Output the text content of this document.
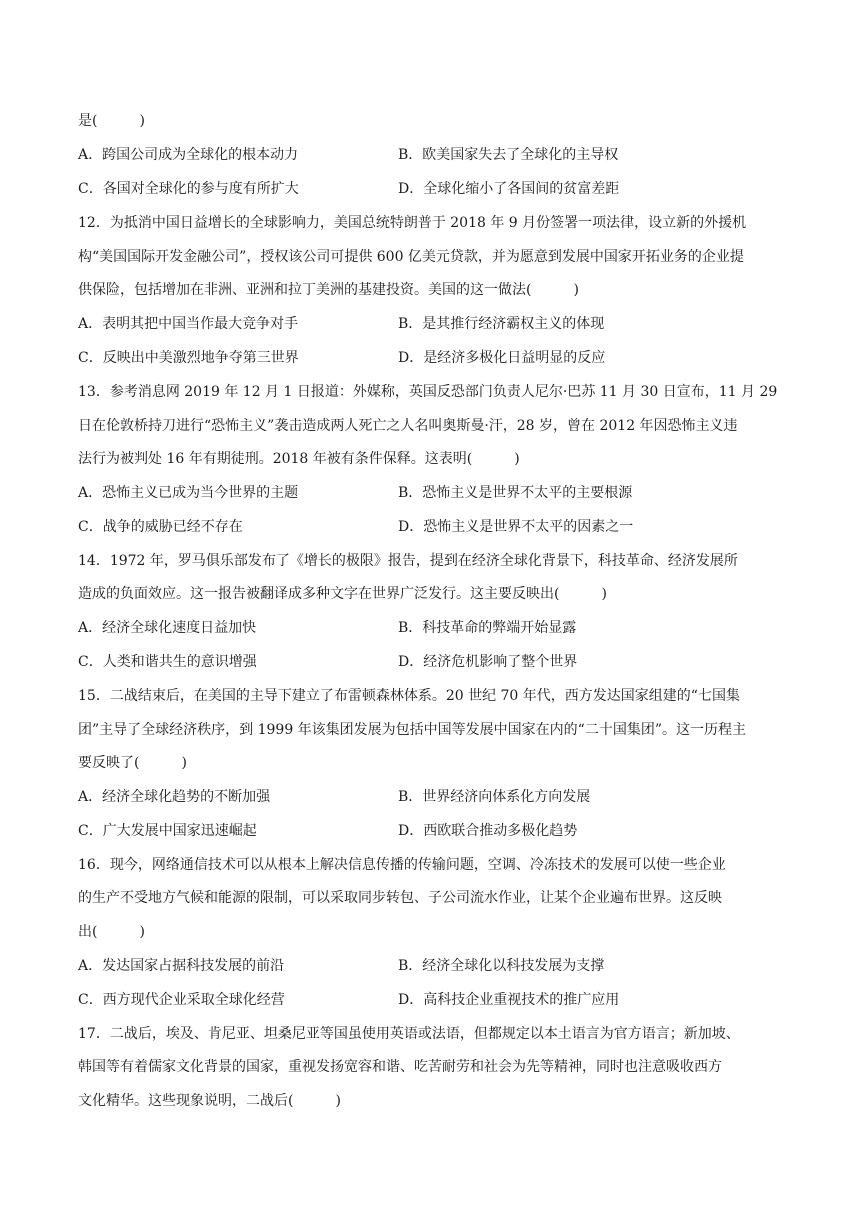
是(　　　)
A．跨国公司成为全球化的根本动力	B．欧美国家失去了全球化的主导权
C．各国对全球化的参与度有所扩大	D．全球化缩小了各国间的贫富差距
12．为抵消中国日益增长的全球影响力，美国总统特朗普于 2018 年 9 月份签署一项法律，设立新的外援机
构“美国国际开发金融公司”，授权该公司可提供 600 亿美元贷款，并为愿意到发展中国家开拓业务的企业提
供保险，包括增加在非洲、亚洲和拉丁美洲的基建投资。美国的这一做法(　　　)
A．表明其把中国当作最大竞争对手	B．是其推行经济霸权主义的体现
C．反映出中美激烈地争夺第三世界	D．是经济多极化日益明显的反应
13．参考消息网 2019 年 12 月 1 日报道：外媒称，英国反恐部门负责人尼尔·巴苏 11 月 30 日宣布，11 月 29
日在伦敦桥持刀进行“恐怖主义”袭击造成两人死亡之人名叫奥斯曼·汗，28 岁，曾在 2012 年因恐怖主义违
法行为被判处 16 年有期徒刑。2018 年被有条件保释。这表明(　　　)
A．恐怖主义已成为当今世界的主题	B．恐怖主义是世界不太平的主要根源
C．战争的威胁已经不存在	D．恐怖主义是世界不太平的因素之一
14．1972 年，罗马俱乐部发布了《增长的极限》报告，提到在经济全球化背景下，科技革命、经济发展所
造成的负面效应。这一报告被翻译成多种文字在世界广泛发行。这主要反映出(　　　)
A．经济全球化速度日益加快	B．科技革命的弊端开始显露
C．人类和谐共生的意识增强	D．经济危机影响了整个世界
15．二战结束后，在美国的主导下建立了布雷顿森林体系。20 世纪 70 年代，西方发达国家组建的“七国集
团”主导了全球经济秩序，到 1999 年该集团发展为包括中国等发展中国家在内的“二十国集团”。这一历程主
要反映了(　　　)
A．经济全球化趋势的不断加强	B．世界经济向体系化方向发展
C．广大发展中国家迅速崛起	D．西欧联合推动多极化趋势
16．现今，网络通信技术可以从根本上解决信息传播的传输问题，空调、冷冻技术的发展可以使一些企业
的生产不受地方气候和能源的限制，可以采取同步转包、子公司流水作业，让某个企业遍布世界。这反映
出(　　　)
A．发达国家占据科技发展的前沿	B．经济全球化以科技发展为支撑
C．西方现代企业采取全球化经营	D．高科技企业重视技术的推广应用
17．二战后，埃及、肯尼亚、坦桑尼亚等国虽使用英语或法语，但都规定以本土语言为官方语言；新加坡、
韩国等有着儒家文化背景的国家，重视发扬宽容和谐、吃苦耐劳和社会为先等精神，同时也注意吸收西方
文化精华。这些现象说明，二战后(　　　)
